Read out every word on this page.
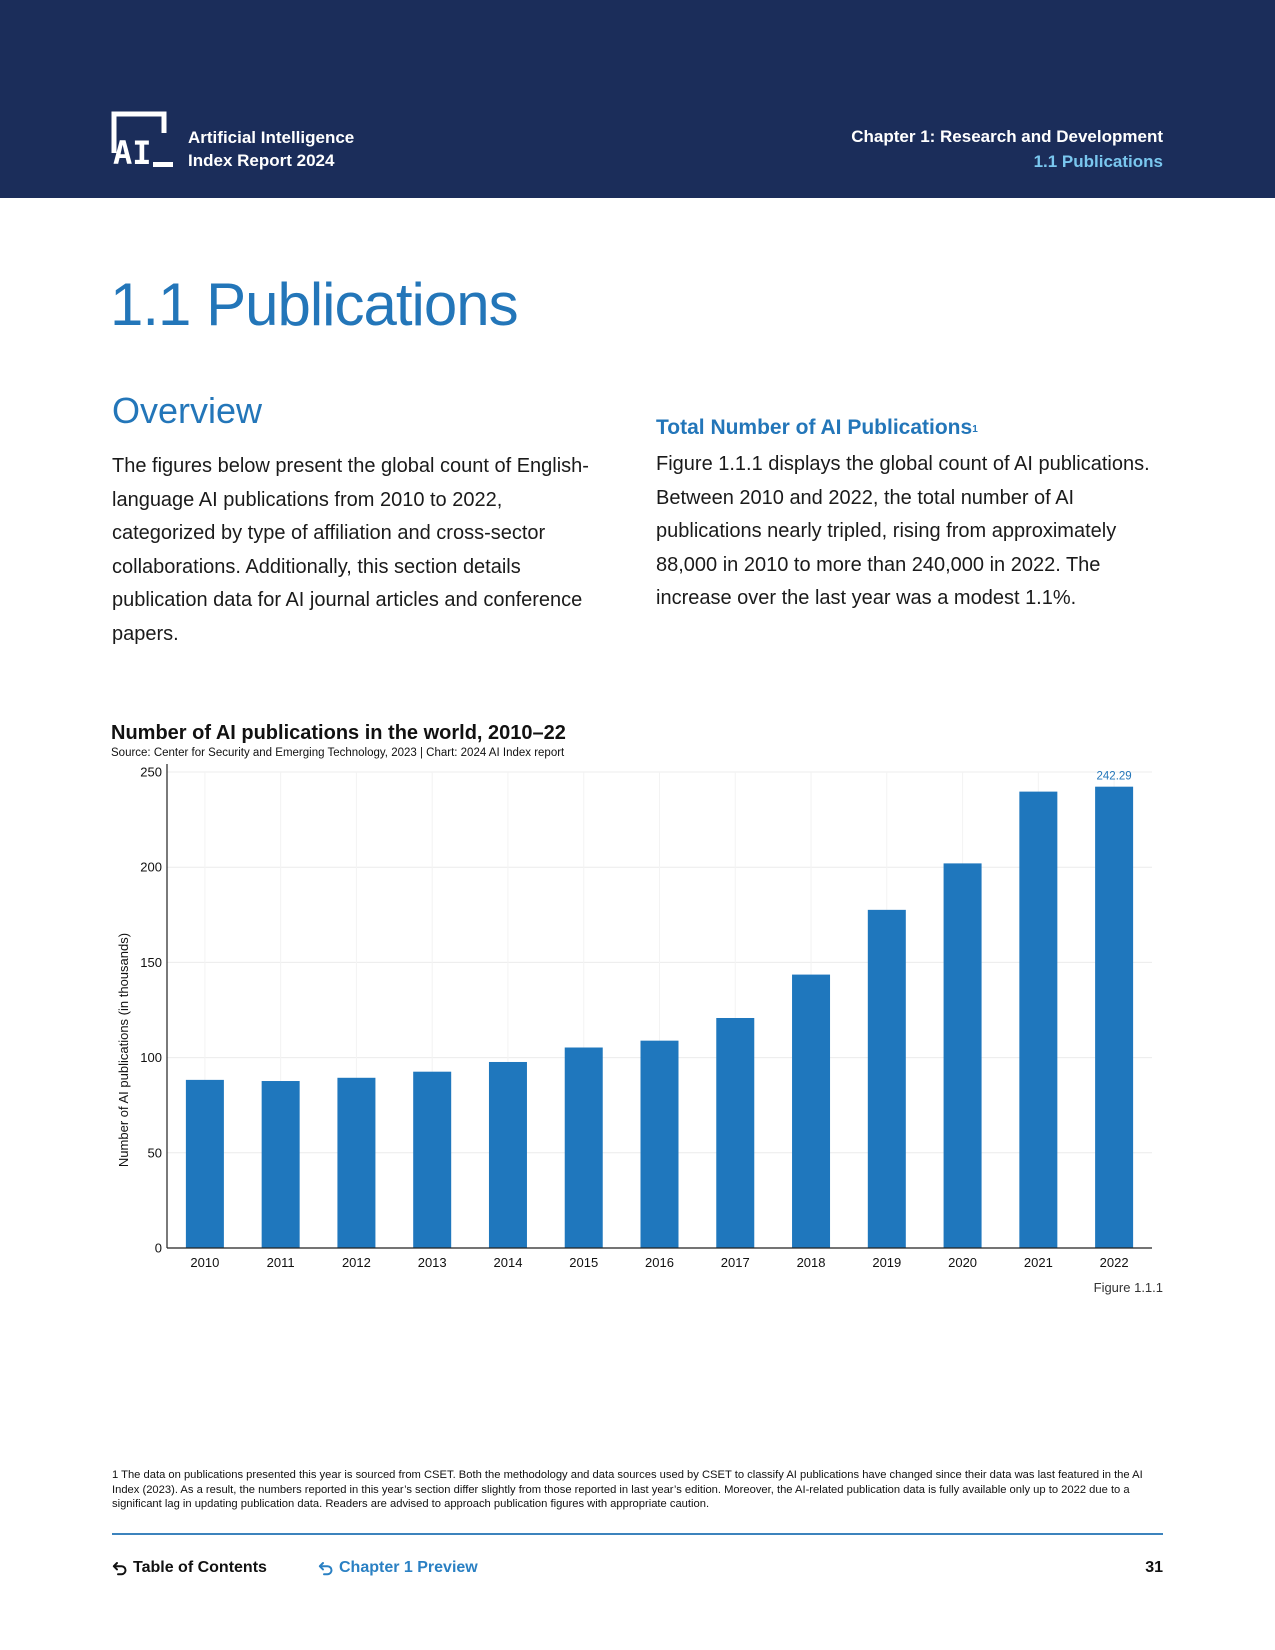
AI Artificial Intelligence
Index Report 2024
Chapter 1: Research and Development
1.1 Publications
1.1 Publications
Overview

The figures below present the global count of English-language AI publications from 2010 to 2022, categorized by type of affiliation and cross-sector collaborations. Additionally, this section details publication data for AI journal articles and conference papers.

Total Number of AI Publications$^1$

Figure 1.1.1 displays the global count of AI publications. Between 2010 and 2022, the total number of AI publications nearly tripled, rising from approximately 88,000 in 2010 to more than 240,000 in 2022. The increase over the last year was a modest 1.1%.

Number of AI publications in the world, 2010–22
Source: Center for Security and Emerging Technology, 2023 | Chart: 2024 AI Index report
0
50
100
150
200
250
2010	2011	2012	2013	2014	2015	2016	2017	2018	2019	2020	2021	2022
242.29
Number of AI publications (in thousands)
Figure 1.1.1

1 The data on publications presented this year is sourced from CSET. Both the methodology and data sources used by CSET to classify AI publications have changed since their data was last featured in the AI Index (2023). As a result, the numbers reported in this year’s section differ slightly from those reported in last year’s edition. Moreover, the AI-related publication data is fully available only up to 2022 due to a significant lag in updating publication data. Readers are advised to approach publication figures with appropriate caution.

Table of Contents	Chapter 1 Preview	31
